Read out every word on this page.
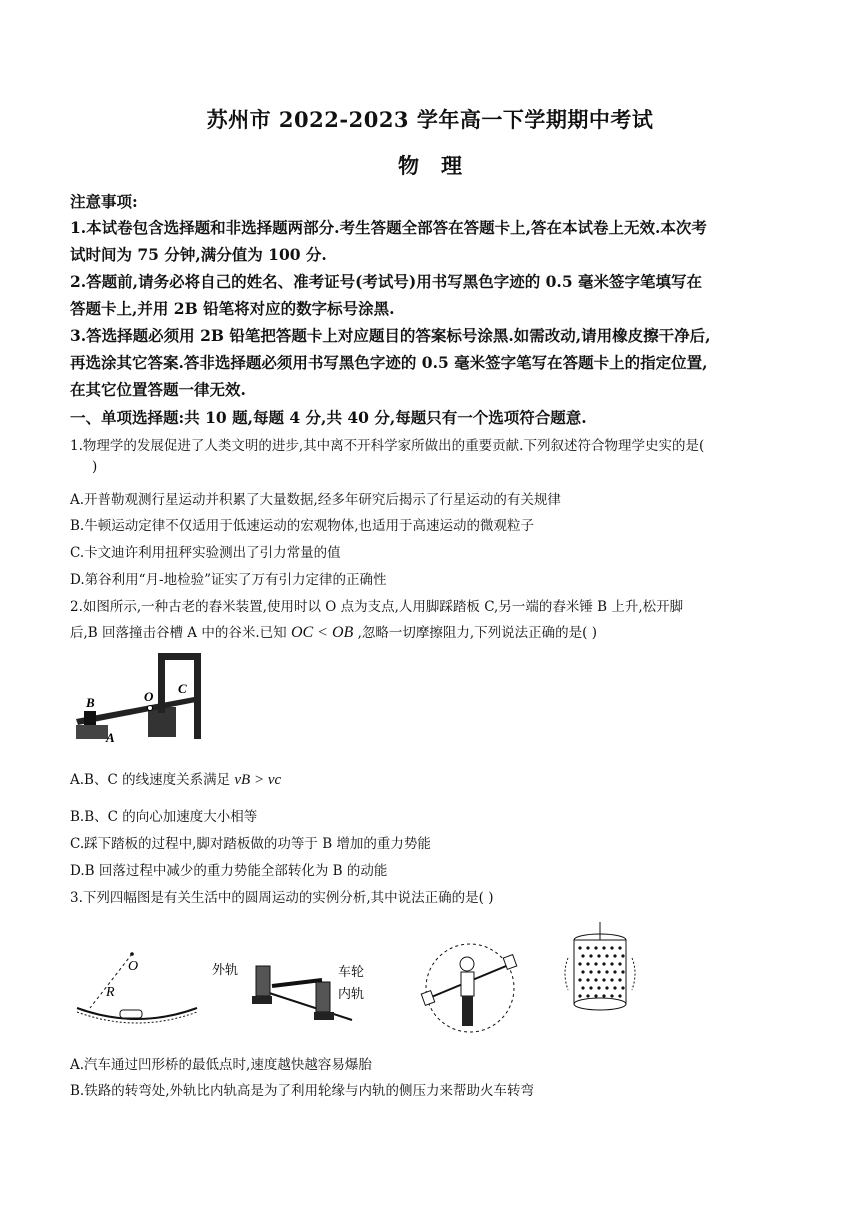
苏州市 2022-2023 学年高一下学期期中考试
物理
注意事项:
1.本试卷包含选择题和非选择题两部分.考生答题全部答在答题卡上,答在本试卷上无效.本次考
试时间为 75 分钟,满分值为 100 分.
2.答题前,请务必将自己的姓名、准考证号(考试号)用书写黑色字迹的 0.5 毫米签字笔填写在
答题卡上,并用 2B 铅笔将对应的数字标号涂黑.
3.答选择题必须用 2B 铅笔把答题卡上对应题目的答案标号涂黑.如需改动,请用橡皮擦干净后,
再选涂其它答案.答非选择题必须用书写黑色字迹的 0.5 毫米签字笔写在答题卡上的指定位置,
在其它位置答题一律无效.
一、单项选择题:共 10 题,每题 4 分,共 40 分,每题只有一个选项符合题意.
1.物理学的发展促进了人类文明的进步,其中离不开科学家所做出的重要贡献.下列叙述符合物理学史实的是(
)
A.开普勒观测行星运动并积累了大量数据,经多年研究后揭示了行星运动的有关规律
B.牛顿运动定律不仅适用于低速运动的宏观物体,也适用于高速运动的微观粒子
C.卡文迪许利用扭秤实验测出了引力常量的值
D.第谷利用“月-地检验”证实了万有引力定律的正确性
2.如图所示,一种古老的舂米装置,使用时以 O 点为支点,人用脚踩踏板 C,另一端的舂米锤 B 上升,松开脚
后,B 回落撞击谷槽 A 中的谷米.已知 OC < OB ,忽略一切摩擦阻力,下列说法正确的是( )
B	O
C
A
A.B、C 的线速度关系满足 vB > vc
B.B、C 的向心加速度大小相等
C.踩下踏板的过程中,脚对踏板做的功等于 B 增加的重力势能
D.B 回落过程中减少的重力势能全部转化为 B 的动能
3.下列四幅图是有关生活中的圆周运动的实例分析,其中说法正确的是( )
O
R
外轨	车轮
内轨
A.汽车通过凹形桥的最低点时,速度越快越容易爆胎
B.铁路的转弯处,外轨比内轨高是为了利用轮缘与内轨的侧压力来帮助火车转弯
